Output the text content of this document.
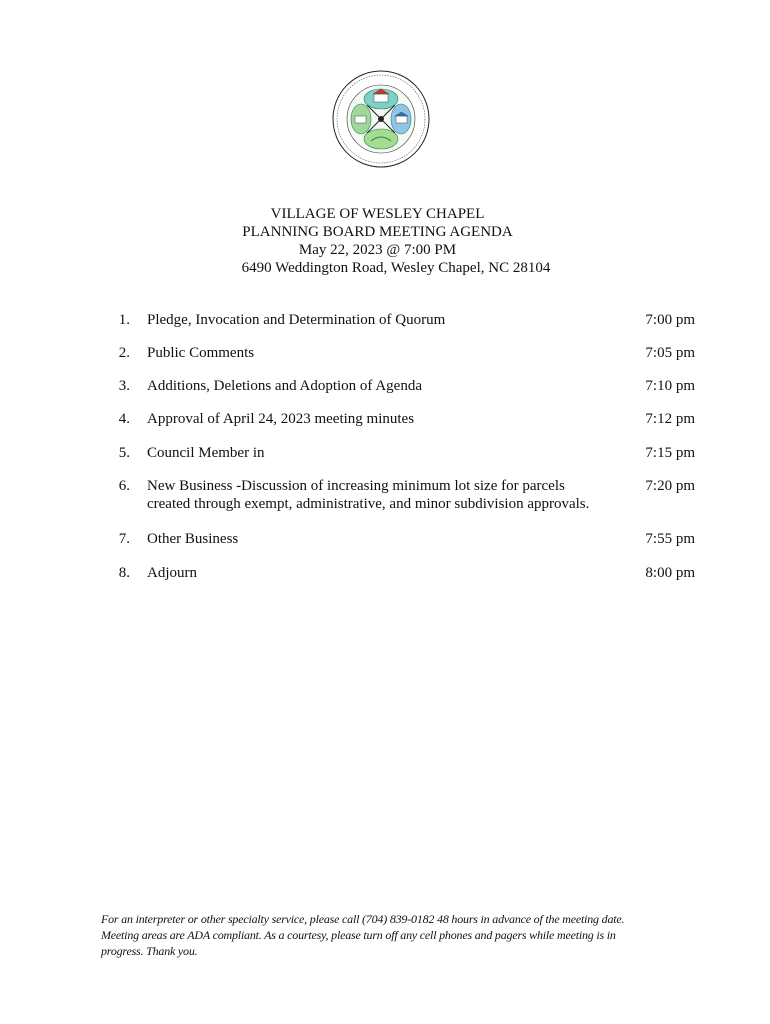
VILLAGE OF WESLEY CHAPEL
PLANNING BOARD MEETING AGENDA
May 22, 2023 @ 7:00 PM
6490 Weddington Road, Wesley Chapel, NC 28104
1. Pledge, Invocation and Determination of Quorum	7:00 pm
2. Public Comments	7:05 pm
3. Additions, Deletions and Adoption of Agenda	7:10 pm
4. Approval of April 24, 2023 meeting minutes	7:12 pm
5. Council Member in	7:15 pm
6. New Business -Discussion of increasing minimum lot size for parcels
created through exempt, administrative, and minor subdivision approvals.
7:20 pm
7. Other Business	7:55 pm
8. Adjourn	8:00 pm
For an interpreter or other specialty service, please call (704) 839-0182 48 hours in advance of the meeting date.
Meeting areas are ADA compliant. As a courtesy, please turn off any cell phones and pagers while meeting is in
progress. Thank you.
